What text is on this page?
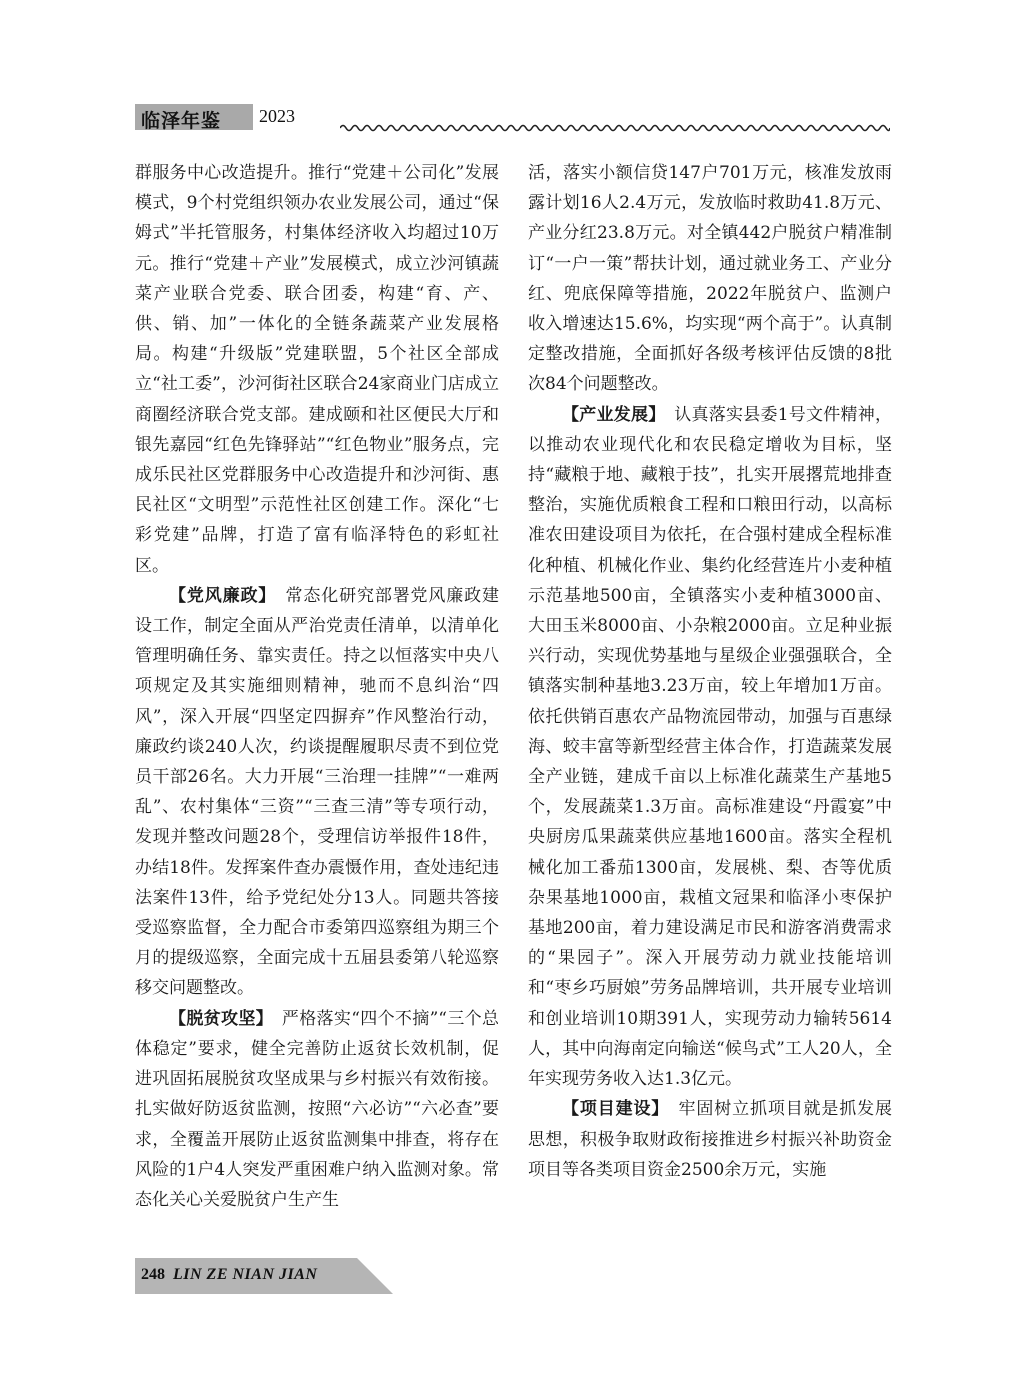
临泽年鉴 2023

群服务中心改造提升。推行“党建＋公司化”发展模式，9个村党组织领办农业发展公司，通过“保姆式”半托管服务，村集体经济收入均超过10万元。推行“党建＋产业”发展模式，成立沙河镇蔬菜产业联合党委、联合团委，构建“育、产、供、销、加”一体化的全链条蔬菜产业发展格局。构建“升级版”党建联盟，5个社区全部成立“社工委”，沙河街社区联合24家商业门店成立商圈经济联合党支部。建成颐和社区便民大厅和银先嘉园“红色先锋驿站”“红色物业”服务点，完成乐民社区党群服务中心改造提升和沙河街、惠民社区“文明型”示范性社区创建工作。深化“七彩党建”品牌，打造了富有临泽特色的彩虹社区。

【党风廉政】  常态化研究部署党风廉政建设工作，制定全面从严治党责任清单，以清单化管理明确任务、靠实责任。持之以恒落实中央八项规定及其实施细则精神，驰而不息纠治“四风”，深入开展“四坚定四摒弃”作风整治行动，廉政约谈240人次，约谈提醒履职尽责不到位党员干部26名。大力开展“三治理一挂牌”“一难两乱”、农村集体“三资”“三查三清”等专项行动，发现并整改问题28个，受理信访举报件18件，办结18件。发挥案件查办震慑作用，查处违纪违法案件13件，给予党纪处分13人。同题共答接受巡察监督，全力配合市委第四巡察组为期三个月的提级巡察，全面完成十五届县委第八轮巡察移交问题整改。

【脱贫攻坚】  严格落实“四个不摘”“三个总体稳定”要求，健全完善防止返贫长效机制，促进巩固拓展脱贫攻坚成果与乡村振兴有效衔接。扎实做好防返贫监测，按照“六必访”“六必查”要求，全覆盖开展防止返贫监测集中排查，将存在风险的1户4人突发严重困难户纳入监测对象。常态化关心关爱脱贫户生产生

活，落实小额信贷147户701万元，核准发放雨露计划16人2.4万元，发放临时救助41.8万元、产业分红23.8万元。对全镇442户脱贫户精准制订“一户一策”帮扶计划，通过就业务工、产业分红、兜底保障等措施，2022年脱贫户、监测户收入增速达15.6%，均实现“两个高于”。认真制定整改措施，全面抓好各级考核评估反馈的8批次84个问题整改。

【产业发展】  认真落实县委1号文件精神，以推动农业现代化和农民稳定增收为目标，坚持“藏粮于地、藏粮于技”，扎实开展撂荒地排查整治，实施优质粮食工程和口粮田行动，以高标准农田建设项目为依托，在合强村建成全程标准化种植、机械化作业、集约化经营连片小麦种植示范基地500亩，全镇落实小麦种植3000亩、大田玉米8000亩、小杂粮2000亩。立足种业振兴行动，实现优势基地与星级企业强强联合，全镇落实制种基地3.23万亩，较上年增加1万亩。依托供销百惠农产品物流园带动，加强与百惠绿海、蛟丰富等新型经营主体合作，打造蔬菜发展全产业链，建成千亩以上标准化蔬菜生产基地5个，发展蔬菜1.3万亩。高标准建设“丹霞宴”中央厨房瓜果蔬菜供应基地1600亩。落实全程机械化加工番茄1300亩，发展桃、梨、杏等优质杂果基地1000亩，栽植文冠果和临泽小枣保护基地200亩，着力建设满足市民和游客消费需求的“果园子”。深入开展劳动力就业技能培训和“枣乡巧厨娘”劳务品牌培训，共开展专业培训和创业培训10期391人，实现劳动力输转5614人，其中向海南定向输送“候鸟式”工人20人，全年实现劳务收入达1.3亿元。

【项目建设】  牢固树立抓项目就是抓发展思想，积极争取财政衔接推进乡村振兴补助资金项目等各类项目资金2500余万元，实施

248 LIN ZE NIAN JIAN
